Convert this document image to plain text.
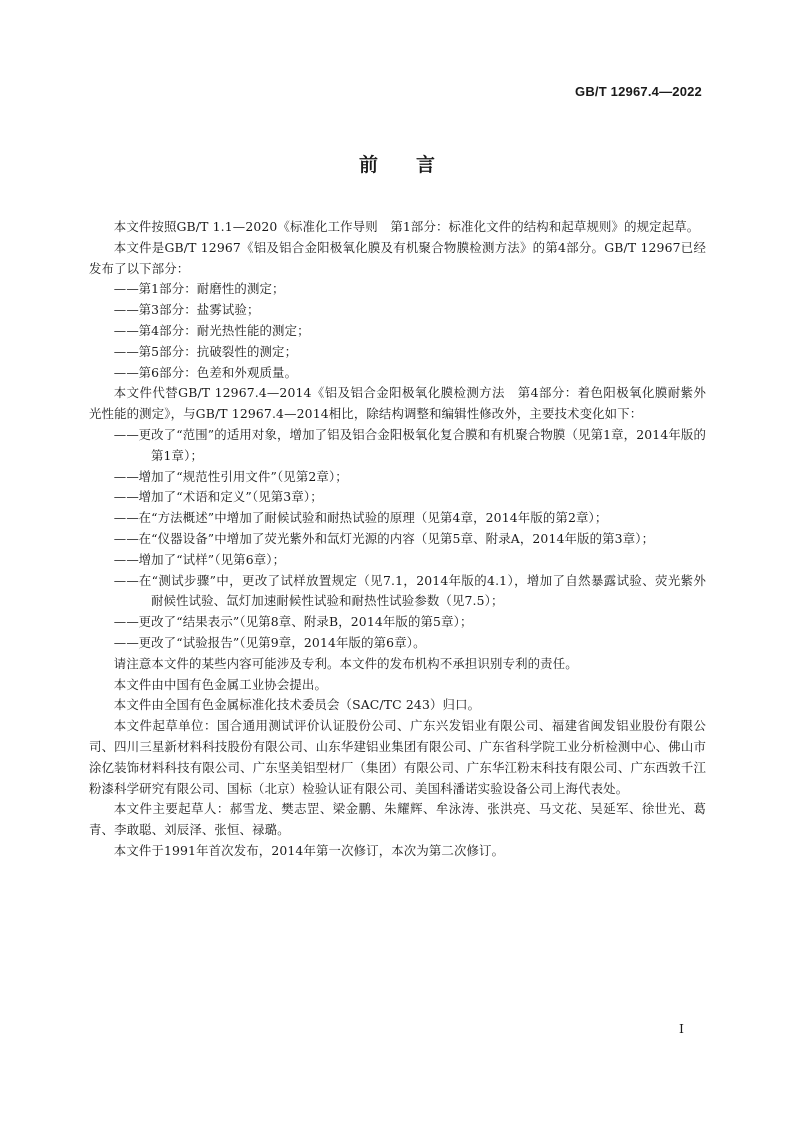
GB/T 12967.4—2022
前言

本文件按照GB/T 1.1—2020《标准化工作导则　第1部分：标准化文件的结构和起草规则》的规定起草。

本文件是GB/T 12967《铝及铝合金阳极氧化膜及有机聚合物膜检测方法》的第4部分。GB/T 12967已经发布了以下部分：

——第1部分：耐磨性的测定；

——第3部分：盐雾试验；

——第4部分：耐光热性能的测定；

——第5部分：抗破裂性的测定；

——第6部分：色差和外观质量。

本文件代替GB/T 12967.4—2014《铝及铝合金阳极氧化膜检测方法　第4部分：着色阳极氧化膜耐紫外光性能的测定》，与GB/T 12967.4—2014相比，除结构调整和编辑性修改外，主要技术变化如下：

——更改了“范围”的适用对象，增加了铝及铝合金阳极氧化复合膜和有机聚合物膜（见第1章，2014年版的第1章）；

——增加了“规范性引用文件”（见第2章）；

——增加了“术语和定义”（见第3章）；

——在“方法概述”中增加了耐候试验和耐热试验的原理（见第4章，2014年版的第2章）；

——在“仪器设备”中增加了荧光紫外和氙灯光源的内容（见第5章、附录A，2014年版的第3章）；

——增加了“试样”（见第6章）；

——在“测试步骤”中，更改了试样放置规定（见7.1，2014年版的4.1），增加了自然暴露试验、荧光紫外耐候性试验、氙灯加速耐候性试验和耐热性试验参数（见7.5）；

——更改了“结果表示”（见第8章、附录B，2014年版的第5章）；

——更改了“试验报告”（见第9章，2014年版的第6章）。

请注意本文件的某些内容可能涉及专利。本文件的发布机构不承担识别专利的责任。

本文件由中国有色金属工业协会提出。

本文件由全国有色金属标准化技术委员会（SAC/TC 243）归口。

本文件起草单位：国合通用测试评价认证股份公司、广东兴发铝业有限公司、福建省闽发铝业股份有限公司、四川三星新材料科技股份有限公司、山东华建铝业集团有限公司、广东省科学院工业分析检测中心、佛山市涂亿装饰材料科技有限公司、广东坚美铝型材厂（集团）有限公司、广东华江粉末科技有限公司、广东西敦千江粉漆科学研究有限公司、国标（北京）检验认证有限公司、美国科潘诺实验设备公司上海代表处。

本文件主要起草人：郝雪龙、樊志罡、梁金鹏、朱耀辉、牟泳涛、张洪亮、马文花、吴延军、徐世光、葛青、李敢聪、刘辰泽、张恒、禄璐。

本文件于1991年首次发布，2014年第一次修订，本次为第二次修订。

I
